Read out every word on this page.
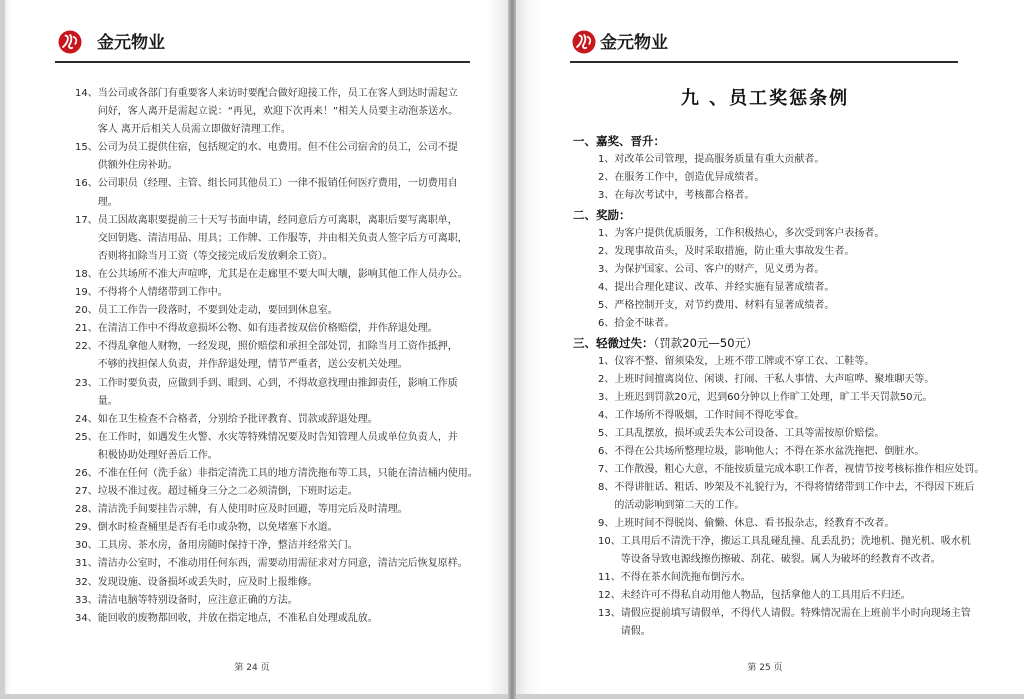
金元物业
14、 当公司或各部门有重要客人来访时要配合做好迎接工作，员工在客人到达时需起立
问好，客人离开是需起立说：“再见，欢迎下次再来！”相关人员要主动泡茶送水。
客人 离开后相关人员需立即做好清理工作。
15、 公司为员工提供住宿，包括规定的水、电费用。但不住公司宿舍的员工，公司不提
供额外住房补助。
16、 公司职员（经理、主管、组长同其他员工）一律不报销任何医疗费用，一切费用自
理。
17、 员工因故离职要提前三十天写书面申请，经同意后方可离职，离职后要写离职单，
交回钥匙、清洁用品、用具；工作牌、工作服等，并由相关负责人签字后方可离职，
否则将扣除当月工资（等交接完成后发放剩余工资）。
18、 在公共场所不准大声喧哗，尤其是在走廊里不要大叫大嚷，影响其他工作人员办公。
19、 不得将个人情绪带到工作中。
20、 员工工作告一段落时，不要到处走动，要回到休息室。
21、 在清洁工作中不得故意损坏公物、如有违者按双倍价格赔偿，并作辞退处理。
22、 不得乱拿他人财物，一经发现，照价赔偿和承担全部处罚，扣除当月工资作抵押，
不够的找担保人负责，并作辞退处理，情节严重者，送公安机关处理。
23、 工作时要负责，应做到手到、眼到、心到，不得故意找理由推卸责任，影响工作质
量。
24、 如在卫生检查不合格者，分别给予批评教育、罚款或辞退处理。
25、 在工作时，如遇发生火警、水灾等特殊情况要及时告知管理人员或单位负责人，并
积极协助处理好善后工作。
26、 不准在任何（洗手盆）非指定清洗工具的地方清洗拖布等工具，只能在清洁桶内使用。
27、 垃圾不准过夜。超过桶身三分之二必须清倒，下班时运走。
28、 清洁洗手间要挂告示牌，有人使用时应及时回避，等用完后及时清理。
29、 倒水时检查桶里是否有毛巾或杂物，以免堵塞下水道。
30、 工具房、茶水房，备用房随时保持干净，整洁并经常关门。
31、 清洁办公室时，不准动用任何东西，需要动用需征求对方同意，清洁完后恢复原样。
32、 发现设施、设备损坏或丢失时，应及时上报维修。
33、 清洁电脑等特别设备时，应注意正确的方法。
34、 能回收的废物都回收，并放在指定地点，不准私自处理或乱放。
第 24 页
金元物业
九 、员工奖惩条例
一、嘉奖、晋升：
1、 对改革公司管理，提高服务质量有重大贡献者。
2、 在服务工作中，创造优异成绩者。
3、 在每次考试中，考核都合格者。
二、奖励：
1、 为客户提供优质服务，工作积极热心，多次受到客户表扬者。
2、 发现事故苗头，及时采取措施，防止重大事故发生者。
3、 为保护国家、公司、客户的财产，见义勇为者。
4、 提出合理化建议、改革、并经实施有显著成绩者。
5、 严格控制开支，对节约费用、材料有显著成绩者。
6、 拾金不昧者。
三、轻微过失：（罚款20元—50元）
1、 仪容不整、留须染发，上班不带工牌或不穿工衣、工鞋等。
2、 上班时间擅离岗位、闲谈、打闹、干私人事情、大声喧哗、聚堆聊天等。
3、 上班迟到罚款20元，迟到60分钟以上作旷工处理，旷工半天罚款50元。
4、 工作场所不得吸烟，工作时间不得吃零食。
5、 工具乱摆放，损坏或丢失本公司设备、工具等需按原价赔偿。
6、 不得在公共场所整理垃圾，影响他人；不得在茶水盆洗拖把、倒脏水。
7、 工作散漫，粗心大意，不能按质量完成本职工作者，视情节按考核标推作相应处罚。
8、 不得讲脏话、粗话、吵架及不礼貌行为，不得将情绪带到工作中去，不得因下班后
的活动影响到第二天的工作。
9、 上班时间不得脱岗、偷懒、休息、看书报杂志，经教育不改者。
10、 工具用后不清洗干净，搬运工具乱碰乱撞、乱丢乱扔；洗地机、抛光机、吸水机
等设备导致电源线擦伤擦破、刮花、破裂。属人为破坏的经教育不改者。
11、 不得在茶水间洗拖布倒污水。
12、 未经许可不得私自动用他人物品，包括拿他人的工具用后不归还。
13、 请假应提前填写请假单，不得代人请假。特殊情况需在上班前半小时向现场主管
请假。
第 25 页
